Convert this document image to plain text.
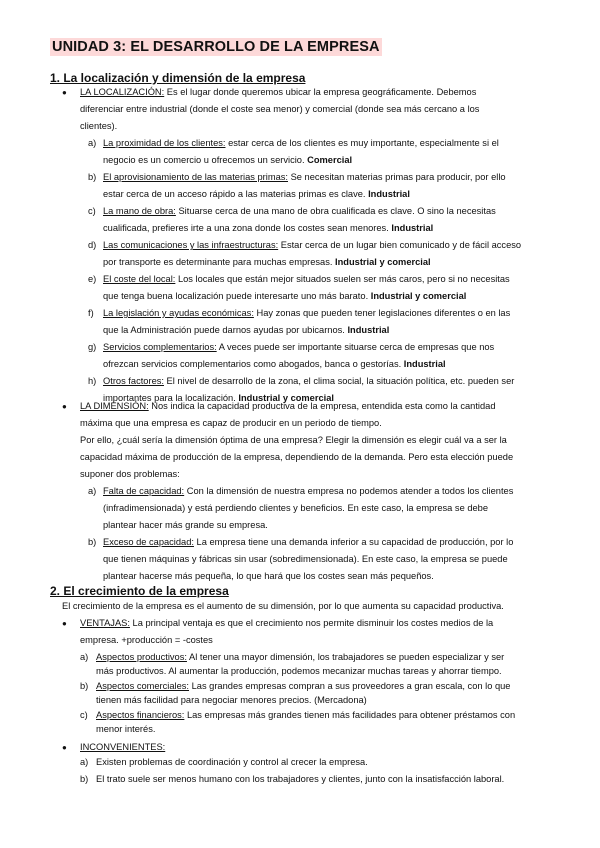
UNIDAD 3: EL DESARROLLO DE LA EMPRESA
1. La localización y dimensión de la empresa
● LA LOCALIZACIÓN: Es el lugar donde queremos ubicar la empresa geográficamente. Debemos
diferenciar entre industrial (donde el coste sea menor) y comercial (donde sea más cercano a los
clientes).
a) La proximidad de los clientes: estar cerca de los clientes es muy importante, especialmente si el
negocio es un comercio u ofrecemos un servicio. Comercial
b) El aprovisionamiento de las materias primas: Se necesitan materias primas para producir, por ello
estar cerca de un acceso rápido a las materias primas es clave. Industrial
c) La mano de obra: Situarse cerca de una mano de obra cualificada es clave. O sino la necesitas
cualificada, prefieres irte a una zona donde los costes sean menores. Industrial
d) Las comunicaciones y las infraestructuras: Estar cerca de un lugar bien comunicado y de fácil acceso
por transporte es determinante para muchas empresas. Industrial y comercial
e) El coste del local: Los locales que están mejor situados suelen ser más caros, pero si no necesitas
que tenga buena localización puede interesarte uno más barato. Industrial y comercial
f) La legislación y ayudas económicas: Hay zonas que pueden tener legislaciones diferentes o en las
que la Administración puede darnos ayudas por ubicarnos. Industrial
g) Servicios complementarios: A veces puede ser importante situarse cerca de empresas que nos
ofrezcan servicios complementarios como abogados, banca o gestorías. Industrial
h) Otros factores: El nivel de desarrollo de la zona, el clima social, la situación política, etc. pueden ser
importantes para la localización. Industrial y comercial
● LA DIMENSIÓN: Nos indica la capacidad productiva de la empresa, entendida esta como la cantidad
máxima que una empresa es capaz de producir en un periodo de tiempo.
Por ello, ¿cuál sería la dimensión óptima de una empresa? Elegir la dimensión es elegir cuál va a ser la
capacidad máxima de producción de la empresa, dependiendo de la demanda. Pero esta elección puede
suponer dos problemas:
a) Falta de capacidad: Con la dimensión de nuestra empresa no podemos atender a todos los clientes
(infradimensionada) y está perdiendo clientes y beneficios. En este caso, la empresa se debe
plantear hacer más grande su empresa.
b) Exceso de capacidad: La empresa tiene una demanda inferior a su capacidad de producción, por lo
que tienen máquinas y fábricas sin usar (sobredimensionada). En este caso, la empresa se puede
plantear hacerse más pequeña, lo que hará que los costes sean más pequeños.
2. El crecimiento de la empresa
El crecimiento de la empresa es el aumento de su dimensión, por lo que aumenta su capacidad productiva.
● VENTAJAS: La principal ventaja es que el crecimiento nos permite disminuir los costes medios de la
empresa. +producción = -costes
a) Aspectos productivos: Al tener una mayor dimensión, los trabajadores se pueden especializar y ser
más productivos. Al aumentar la producción, podemos mecanizar muchas tareas y ahorrar tiempo.
b) Aspectos comerciales: Las grandes empresas compran a sus proveedores a gran escala, con lo que
tienen más facilidad para negociar menores precios. (Mercadona)
c) Aspectos financieros: Las empresas más grandes tienen más facilidades para obtener préstamos con
menor interés.
● INCONVENIENTES:
a) Existen problemas de coordinación y control al crecer la empresa.
b) El trato suele ser menos humano con los trabajadores y clientes, junto con la insatisfacción laboral.
